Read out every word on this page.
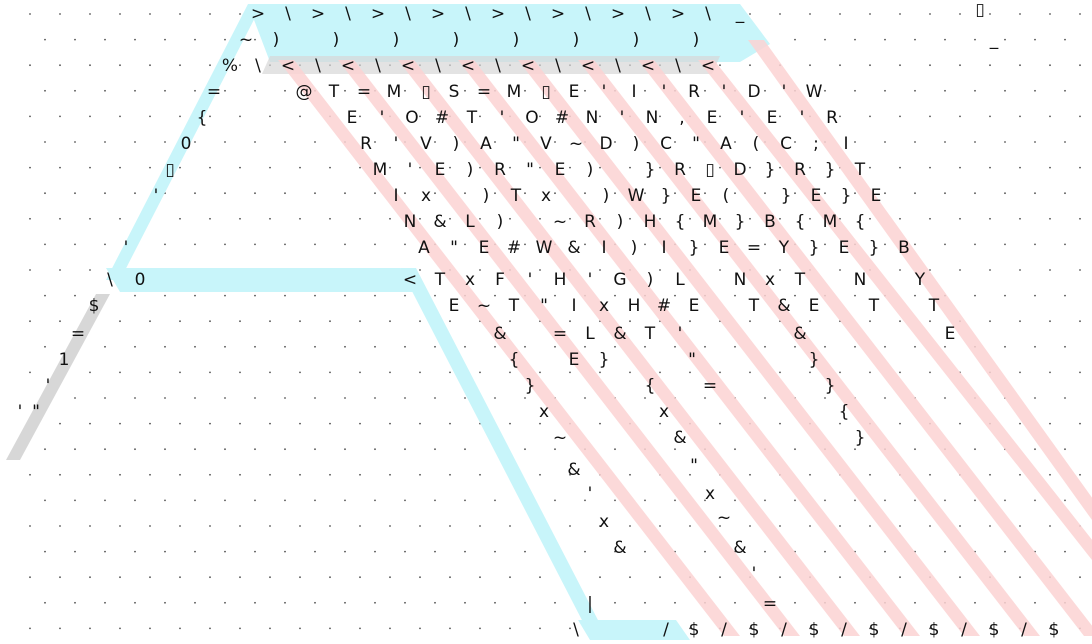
>	\	>	\	>	\	>	\	>	\	>	\	>	\	>	\	_
~	)	)	)	)	)	)	)	)	_
%	\	<	\	<	\	<	\	<	\	<	\	<	\	<	\	<
=	@ T = M	S = M	E	'	I	'	R	'	D	'	W
{	E	'	O # T	'	O # N	'	N	,	E	'	E	'	R
0	R	'	V	)	A	"	V ~ D	)	C	"	A	(	C	;	I
M	'	E	)	R	"	E	)	} R	D } R } T
'	I	x	)	T x	)	W } E	(	} E } E
N &	L	)	~ R	)	H { M } B { M {
'	A	"	E # W &	I	)	I	} E = Y } E } B
\	0	< T x	F	'	H	'	G	)	L	N x T	N	Y
$	E ~ T	"	I	x H # E	T & E	T	T
=	&	=	L	& T	'	&	E
1	{	E }	"	}
'	}	{	=	}
' "	x	x	{
~	&	}
"
&
'	x
x	~
&	&
'
|	=
\	/	$	/	$	/	$	/	$	/	$	/	$	/	$
▯
▯	▯
▯	▯
